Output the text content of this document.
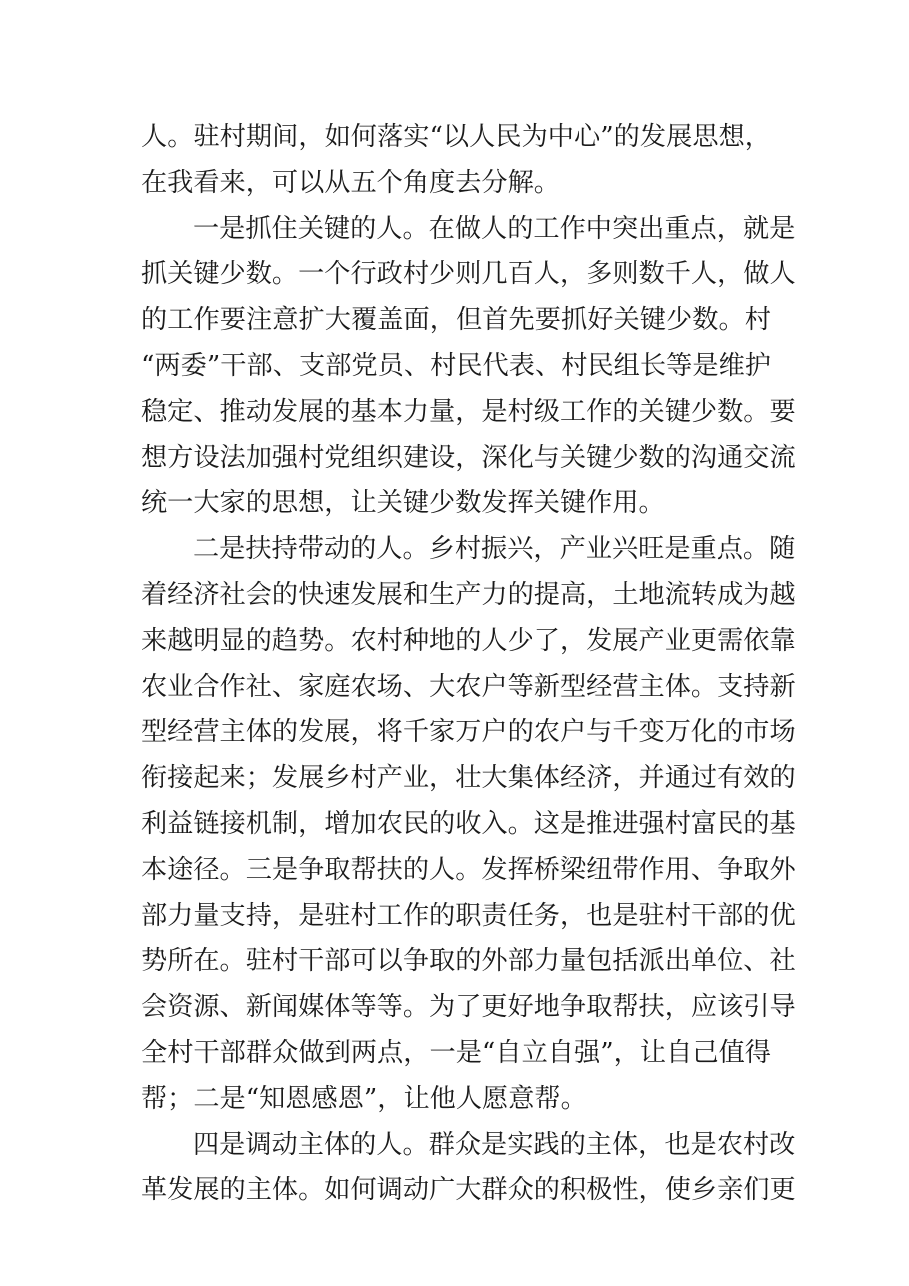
人。驻村期间，如何落实“以人民为中心”的发展思想，
在我看来，可以从五个角度去分解。
一是抓住关键的人。在做人的工作中突出重点，就是
抓关键少数。一个行政村少则几百人，多则数千人，做人
的工作要注意扩大覆盖面，但首先要抓好关键少数。村
“两委”干部、支部党员、村民代表、村民组长等是维护
稳定、推动发展的基本力量，是村级工作的关键少数。要
想方设法加强村党组织建设，深化与关键少数的沟通交流
统一大家的思想，让关键少数发挥关键作用。
二是扶持带动的人。乡村振兴，产业兴旺是重点。随
着经济社会的快速发展和生产力的提高，土地流转成为越
来越明显的趋势。农村种地的人少了，发展产业更需依靠
农业合作社、家庭农场、大农户等新型经营主体。支持新
型经营主体的发展，将千家万户的农户与千变万化的市场
衔接起来；发展乡村产业，壮大集体经济，并通过有效的
利益链接机制，增加农民的收入。这是推进强村富民的基
本途径。三是争取帮扶的人。发挥桥梁纽带作用、争取外
部力量支持，是驻村工作的职责任务，也是驻村干部的优
势所在。驻村干部可以争取的外部力量包括派出单位、社
会资源、新闻媒体等等。为了更好地争取帮扶，应该引导
全村干部群众做到两点，一是“自立自强”，让自己值得
帮；二是“知恩感恩”，让他人愿意帮。
四是调动主体的人。群众是实践的主体，也是农村改
革发展的主体。如何调动广大群众的积极性，使乡亲们更
